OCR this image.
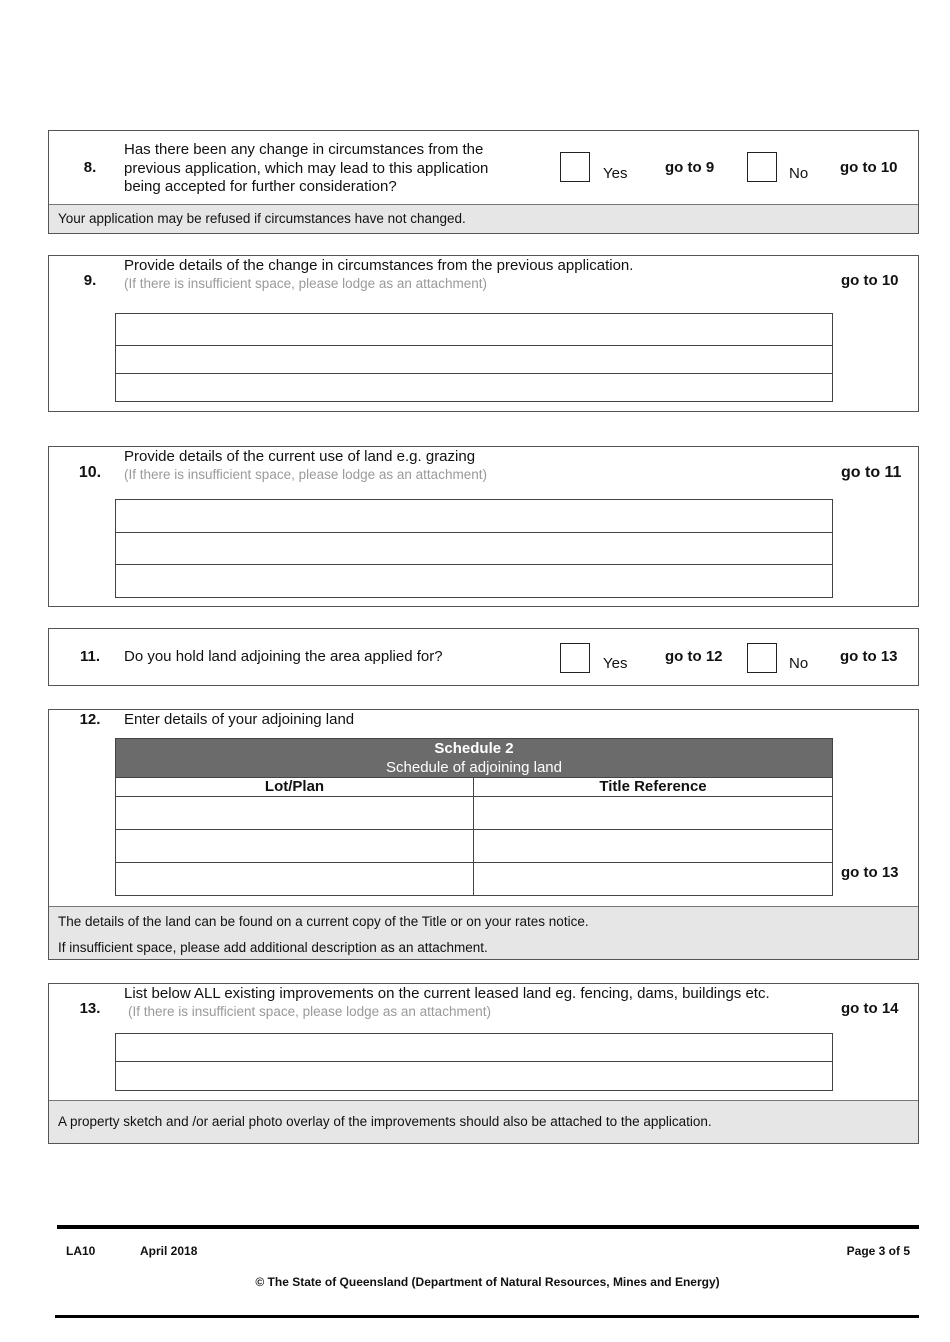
8.
Has there been any change in circumstances from the previous application, which may lead to this application being accepted for further consideration?
Yes	go to 9	No go to 10
Your application may be refused if circumstances have not changed.
9.
Provide details of the change in circumstances from the previous application.
(If there is insufficient space, please lodge as an attachment)	go to 10
10.
Provide details of the current use of land e.g. grazing
(If there is insufficient space, please lodge as an attachment)	go to 11
11.	Do you hold land adjoining the area applied for?	Yes	go to 12	No go to 13
12.	Enter details of your adjoining land
Schedule 2
Schedule of adjoining land
Lot/Plan	Title Reference
go to 13
The details of the land can be found on a current copy of the Title or on your rates notice.
If insufficient space, please add additional description as an attachment.
13.
List below ALL existing improvements on the current leased land eg. fencing, dams, buildings etc.
(If there is insufficient space, please lodge as an attachment)	go to 14
A property sketch and /or aerial photo overlay of the improvements should also be attached to the application.
LA10	April 2018	Page 3 of 5
© The State of Queensland (Department of Natural Resources, Mines and Energy)
